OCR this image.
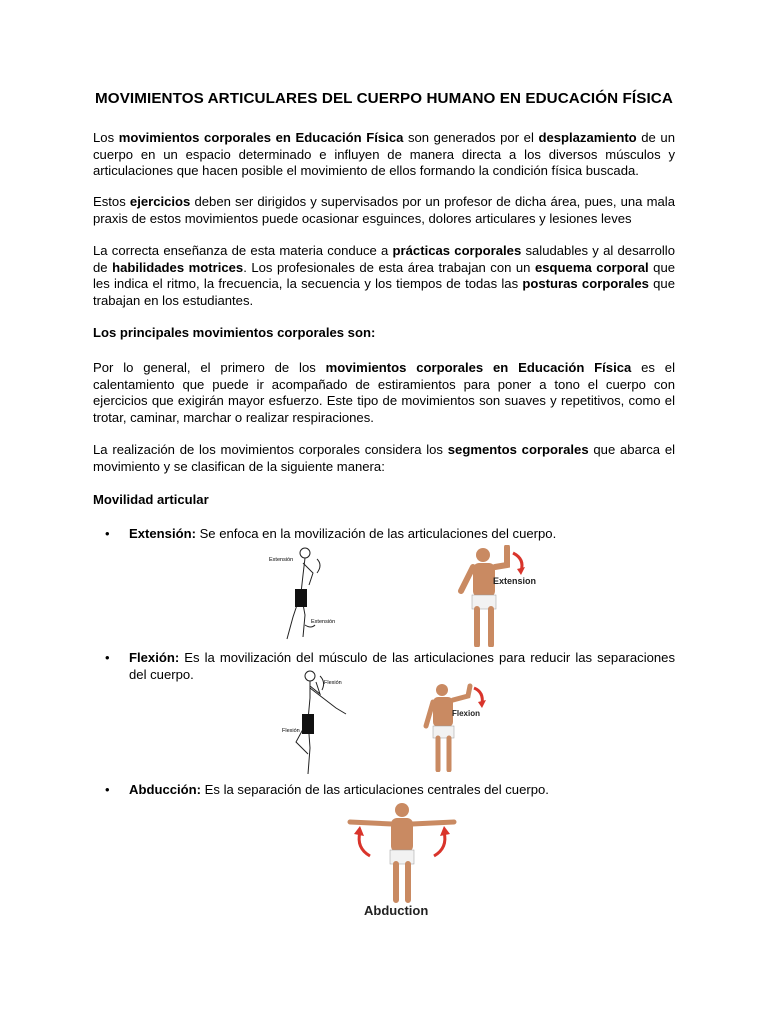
MOVIMIENTOS ARTICULARES DEL CUERPO HUMANO EN EDUCACIÓN FÍSICA

Los movimientos corporales en Educación Física son generados por el desplazamiento de un cuerpo en un espacio determinado e influyen de manera directa a los diversos músculos y articulaciones que hacen posible el movimiento de ellos formando la condición física buscada.

Estos ejercicios deben ser dirigidos y supervisados por un profesor de dicha área, pues, una mala praxis de estos movimientos puede ocasionar esguinces, dolores articulares y lesiones leves

La correcta enseñanza de esta materia conduce a prácticas corporales saludables y al desarrollo de habilidades motrices. Los profesionales de esta área trabajan con un esquema corporal que les indica el ritmo, la frecuencia, la secuencia y los tiempos de todas las posturas corporales que trabajan en los estudiantes.

Los principales movimientos corporales son:

Por lo general, el primero de los movimientos corporales en Educación Física es el calentamiento que puede ir acompañado de estiramientos para poner a tono el cuerpo con ejercicios que exigirán mayor esfuerzo. Este tipo de movimientos son suaves y repetitivos, como el trotar, caminar, marchar o realizar respiraciones.

La realización de los movimientos corporales considera los segmentos corporales que abarca el movimiento y se clasifican de la siguiente manera:

Movilidad articular

• Extensión: Se enfoca en la movilización de las articulaciones del cuerpo.
Extensión
Extensión
Extension
• Flexión: Es la movilización del músculo de las articulaciones para reducir las separaciones del cuerpo.
Flexión
Flexión
Flexion
• Abducción: Es la separación de las articulaciones centrales del cuerpo.
Abduction
